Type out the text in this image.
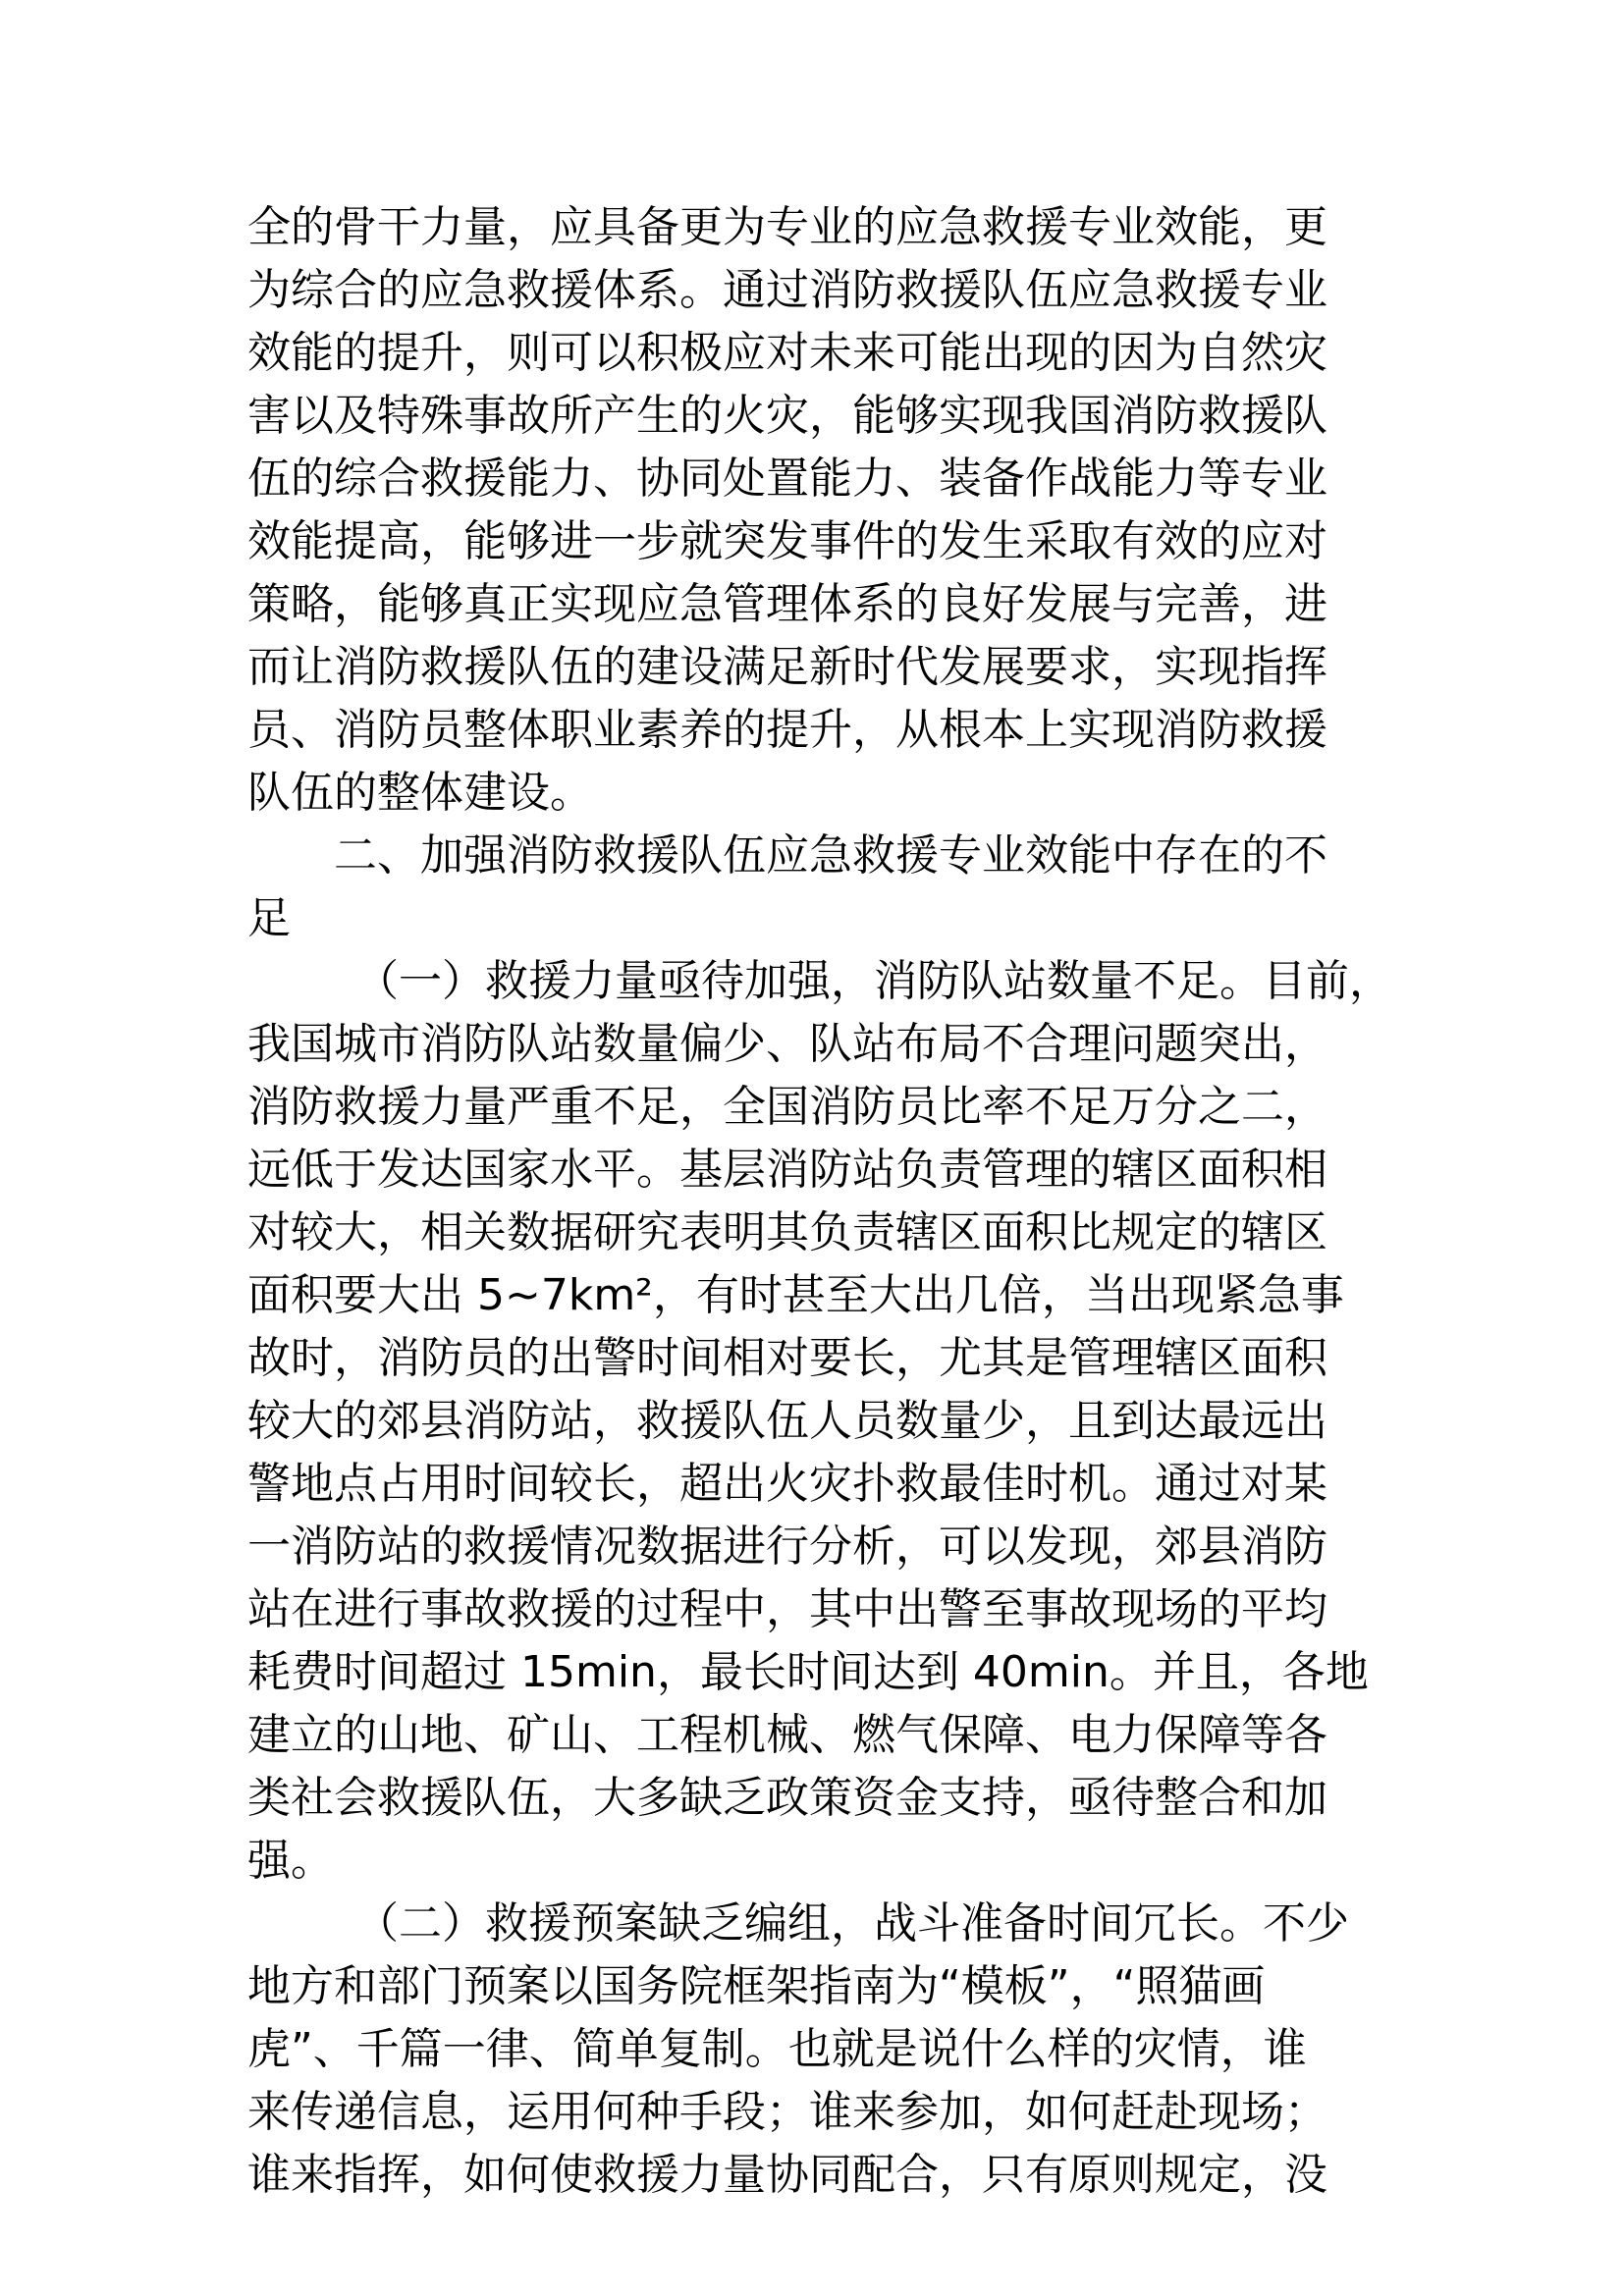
全的骨干力量，应具备更为专业的应急救援专业效能，更
为综合的应急救援体系。通过消防救援队伍应急救援专业
效能的提升，则可以积极应对未来可能出现的因为自然灾
害以及特殊事故所产生的火灾，能够实现我国消防救援队
伍的综合救援能力、协同处置能力、装备作战能力等专业
效能提高，能够进一步就突发事件的发生采取有效的应对
策略，能够真正实现应急管理体系的良好发展与完善，进
而让消防救援队伍的建设满足新时代发展要求，实现指挥
员、消防员整体职业素养的提升，从根本上实现消防救援
队伍的整体建设。
二、加强消防救援队伍应急救援专业效能中存在的不
足
（一）救援力量亟待加强，消防队站数量不足。目前，
我国城市消防队站数量偏少、队站布局不合理问题突出，
消防救援力量严重不足，全国消防员比率不足万分之二，
远低于发达国家水平。基层消防站负责管理的辖区面积相
对较大，相关数据研究表明其负责辖区面积比规定的辖区
面积要大出 5~7km²，有时甚至大出几倍，当出现紧急事
故时，消防员的出警时间相对要长，尤其是管理辖区面积
较大的郊县消防站，救援队伍人员数量少，且到达最远出
警地点占用时间较长，超出火灾扑救最佳时机。通过对某
一消防站的救援情况数据进行分析，可以发现，郊县消防
站在进行事故救援的过程中，其中出警至事故现场的平均
耗费时间超过 15min，最长时间达到 40min。并且，各地
建立的山地、矿山、工程机械、燃气保障、电力保障等各
类社会救援队伍，大多缺乏政策资金支持，亟待整合和加
强。
（二）救援预案缺乏编组，战斗准备时间冗长。不少
地方和部门预案以国务院框架指南为“模板”，“照猫画
虎”、千篇一律、简单复制。也就是说什么样的灾情，谁
来传递信息，运用何种手段；谁来参加，如何赶赴现场；
谁来指挥，如何使救援力量协同配合，只有原则规定，没
